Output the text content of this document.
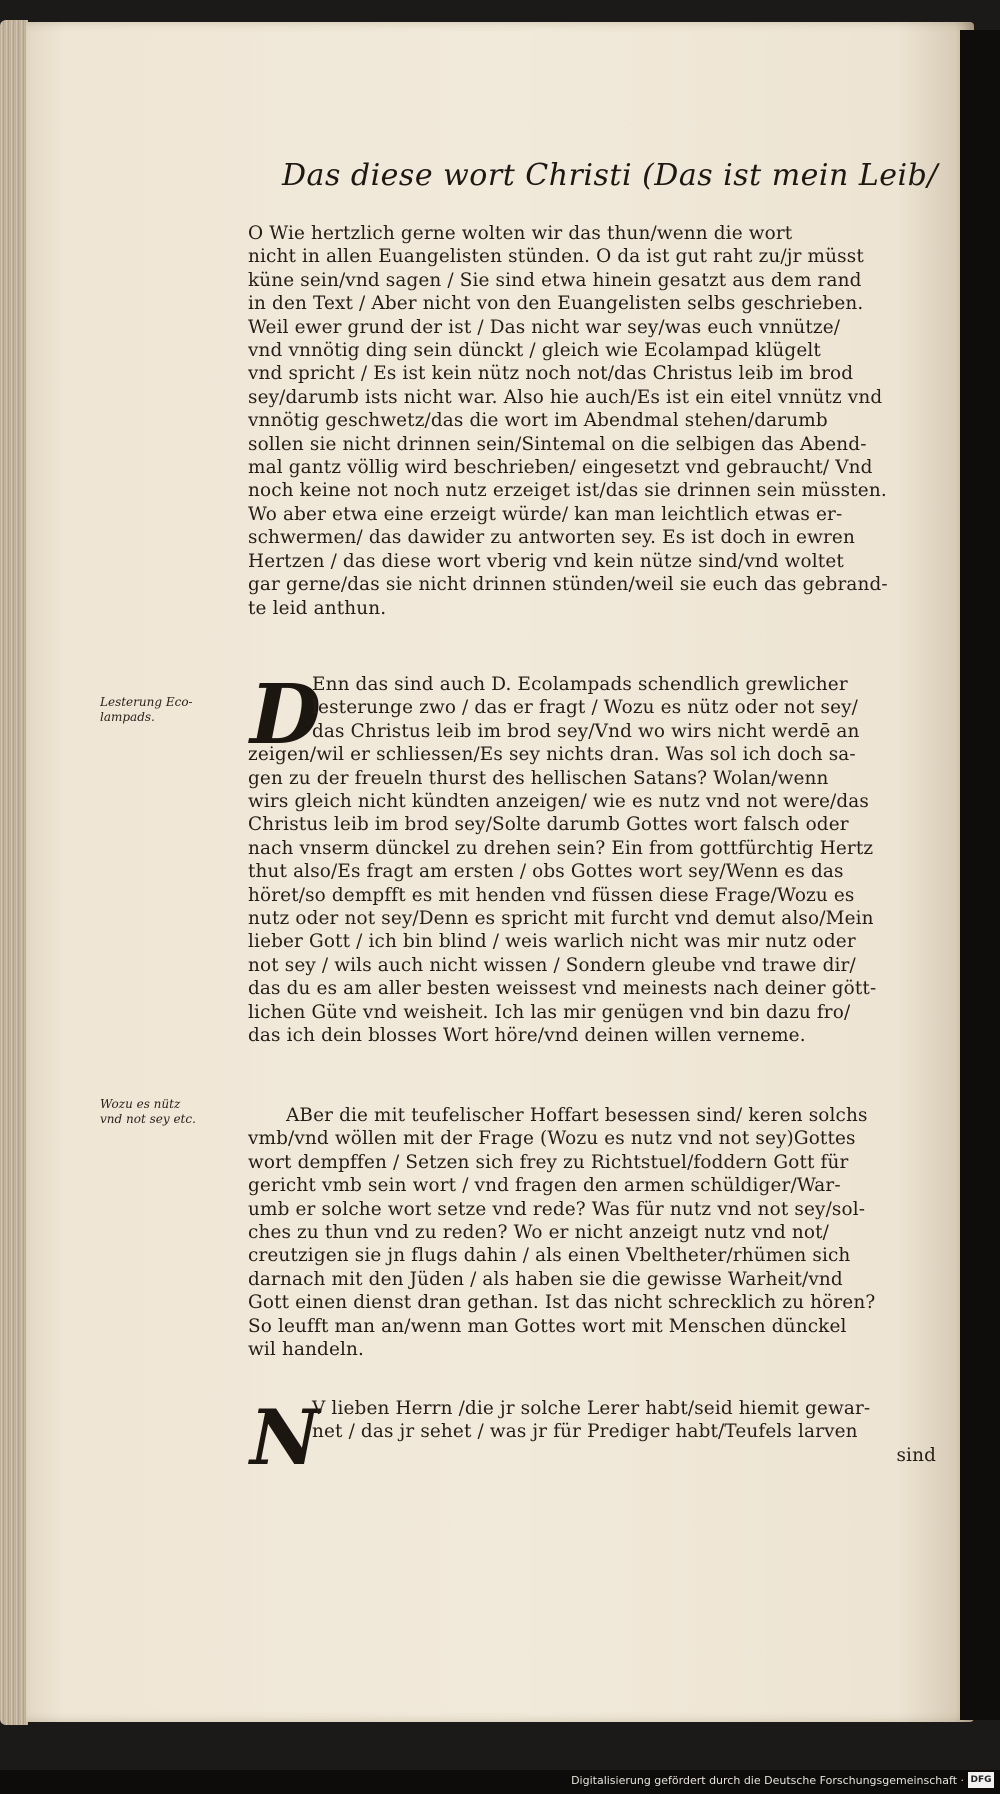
Das diese wort Christi (Das ist mein Leib/
O Wie hertzlich gerne wolten wir das thun/wenn die wort
nicht in allen Euangelisten stünden. O da ist gut raht zu/jr müsst
küne sein/vnd sagen / Sie sind etwa hinein gesatzt aus dem rand
in den Text / Aber nicht von den Euangelisten selbs geschrieben.
Weil ewer grund der ist / Das nicht war sey/was euch vnnütze/
vnd vnnötig ding sein dünckt / gleich wie Ecolampad klügelt
vnd spricht / Es ist kein nütz noch not/das Christus leib im brod
sey/darumb ists nicht war. Also hie auch/Es ist ein eitel vnnütz vnd
vnnötig geschwetz/das die wort im Abendmal stehen/darumb
sollen sie nicht drinnen sein/Sintemal on die selbigen das Abend-
mal gantz völlig wird beschrieben/ eingesetzt vnd gebraucht/ Vnd
noch keine not noch nutz erzeiget ist/das sie drinnen sein müssten.
Wo aber etwa eine erzeigt würde/ kan man leichtlich etwas er-
schwermen/ das dawider zu antworten sey. Es ist doch in ewren
Hertzen / das diese wort vberig vnd kein nütze sind/vnd woltet
gar gerne/das sie nicht drinnen stünden/weil sie euch das gebrand-
te leid anthun.
Lesterung Eco-
lampads.	D
Enn das sind auch D. Ecolampads schendlich grewlicher
lesterunge zwo / das er fragt / Wozu es nütz oder not sey/
das Christus leib im brod sey/Vnd wo wirs nicht werdē an
zeigen/wil er schliessen/Es sey nichts dran. Was sol ich doch sa-
gen zu der freueln thurst des hellischen Satans? Wolan/wenn
wirs gleich nicht kündten anzeigen/ wie es nutz vnd not were/das
Christus leib im brod sey/Solte darumb Gottes wort falsch oder
nach vnserm dünckel zu drehen sein? Ein from gottfürchtig Hertz
thut also/Es fragt am ersten / obs Gottes wort sey/Wenn es das
höret/so dempfft es mit henden vnd füssen diese Frage/Wozu es
nutz oder not sey/Denn es spricht mit furcht vnd demut also/Mein
lieber Gott / ich bin blind / weis warlich nicht was mir nutz oder
not sey / wils auch nicht wissen / Sondern gleube vnd trawe dir/
das du es am aller besten weissest vnd meinests nach deiner gött-
lichen Güte vnd weisheit. Ich las mir genügen vnd bin dazu fro/
das ich dein blosses Wort höre/vnd deinen willen verneme.
Wozu es nütz
vnd not sey etc.	ABer die mit teufelischer Hoffart besessen sind/ keren solchs
vmb/vnd wöllen mit der Frage (Wozu es nutz vnd not sey)Gottes
wort dempffen / Setzen sich frey zu Richtstuel/foddern Gott für
gericht vmb sein wort / vnd fragen den armen schüldiger/War-
umb er solche wort setze vnd rede? Was für nutz vnd not sey/sol-
ches zu thun vnd zu reden? Wo er nicht anzeigt nutz vnd not/
creutzigen sie jn flugs dahin / als einen Vbeltheter/rhümen sich
darnach mit den Jüden / als haben sie die gewisse Warheit/vnd
Gott einen dienst dran gethan. Ist das nicht schrecklich zu hören?
So leufft man an/wenn man Gottes wort mit Menschen dünckel
wil handeln.
N
V lieben Herrn /die jr solche Lerer habt/seid hiemit gewar-
net / das jr sehet / was jr für Prediger habt/Teufels larven
sind
Digitalisierung gefördert durch die Deutsche Forschungsgemeinschaft · DFG
